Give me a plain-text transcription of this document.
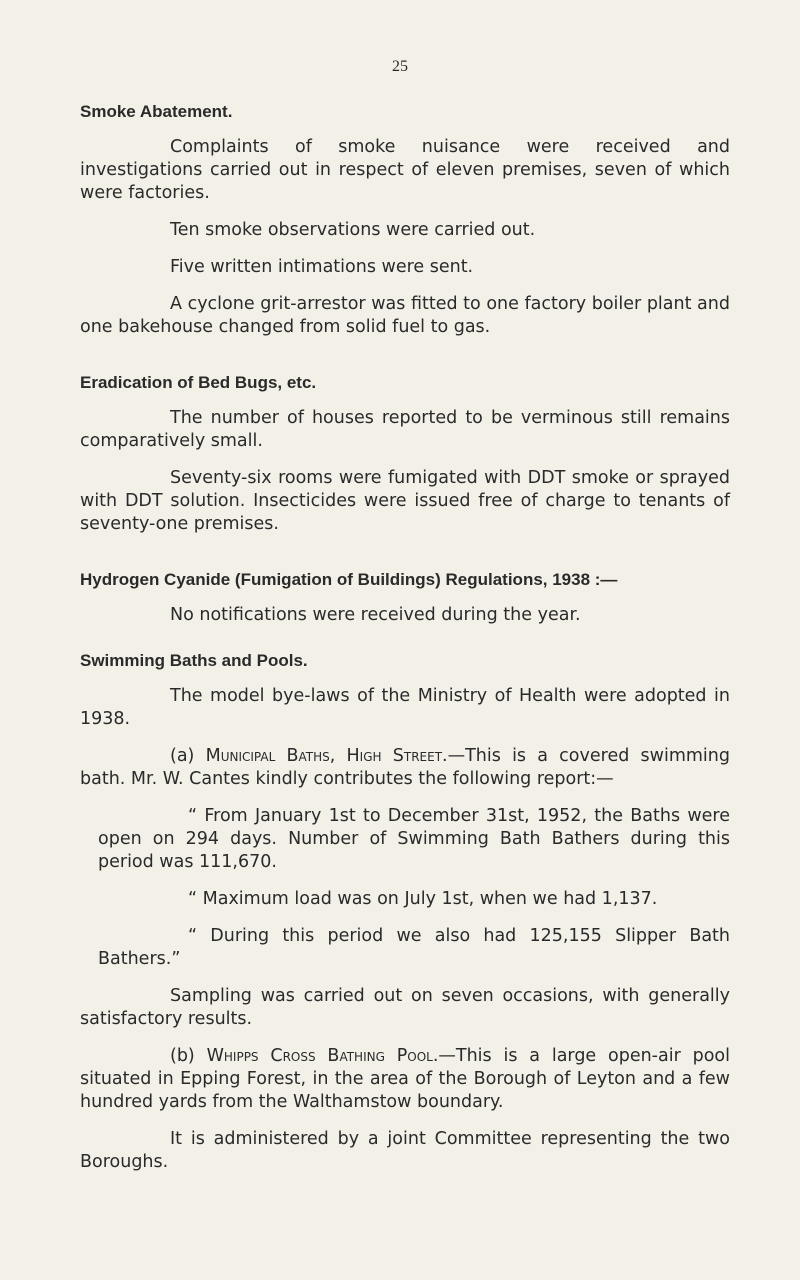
25
Smoke Abatement.

Complaints of smoke nuisance were received and investigations carried out in respect of eleven premises, seven of which were factories.

Ten smoke observations were carried out.

Five written intimations were sent.

A cyclone grit-arrestor was fitted to one factory boiler plant and one bakehouse changed from solid fuel to gas.

Eradication of Bed Bugs, etc.

The number of houses reported to be verminous still remains comparatively small.

Seventy-six rooms were fumigated with DDT smoke or sprayed with DDT solution. Insecticides were issued free of charge to tenants of seventy-one premises.

Hydrogen Cyanide (Fumigation of Buildings) Regulations, 1938 :—

No notifications were received during the year.

Swimming Baths and Pools.

The model bye-laws of the Ministry of Health were adopted in 1938.

(a) Municipal Baths, High Street.—This is a covered swimming bath. Mr. W. Cantes kindly contributes the following report:—

“ From January 1st to December 31st, 1952, the Baths were open on 294 days. Number of Swimming Bath Bathers during this period was 111,670.

“ Maximum load was on July 1st, when we had 1,137.

“ During this period we also had 125,155 Slipper Bath Bathers.”

Sampling was carried out on seven occasions, with generally satisfactory results.

(b) Whipps Cross Bathing Pool.—This is a large open-air pool situated in Epping Forest, in the area of the Borough of Leyton and a few hundred yards from the Walthamstow boundary.

It is administered by a joint Committee representing the two Boroughs.
